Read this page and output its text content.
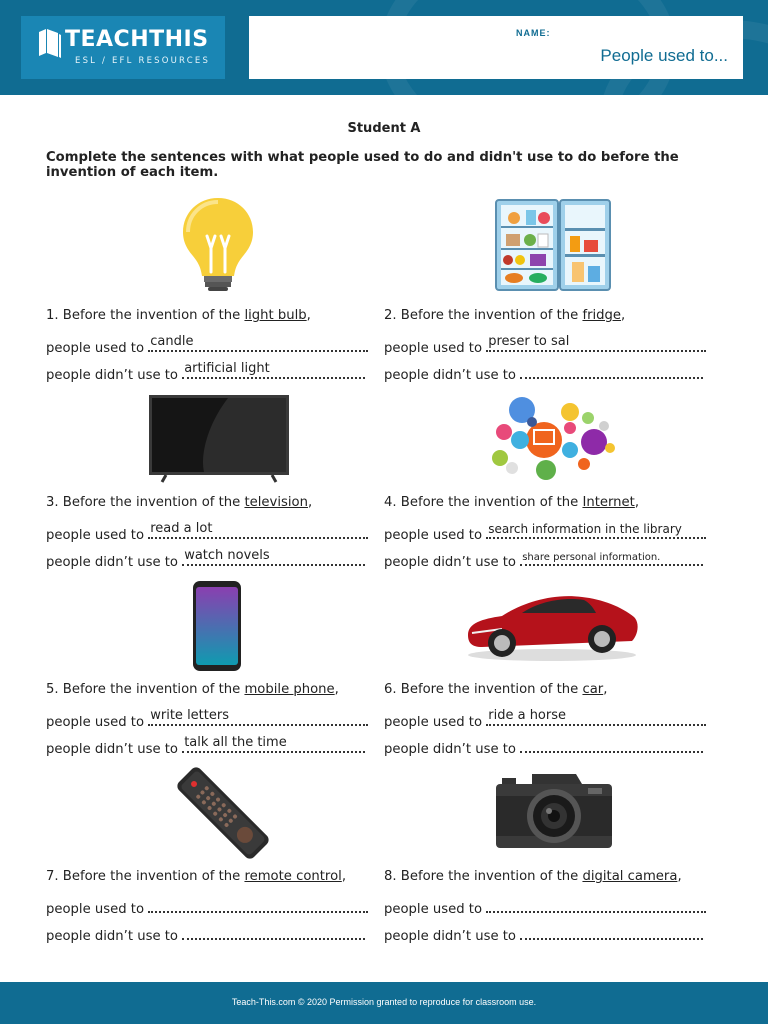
TEACHTHIS
ESL / EFL RESOURCES
NAME:
People used to...
Student A
Complete the sentences with what people used to do and didn't use to do before the invention of each item.
1. Before the invention of the light bulb,
people used to candle
people didn’t use to artificial light
2. Before the invention of the fridge,
people used to preser to sal
people didn’t use to
3. Before the invention of the television,
people used to read a lot
people didn’t use to watch novels
4. Before the invention of the Internet,
people used to search information in the library
people didn’t use to share personal information.
5. Before the invention of the mobile phone,
people used to write letters
people didn’t use to talk all the time
6. Before the invention of the car,
people used to ride a horse
people didn’t use to
7. Before the invention of the remote control,
people used to
people didn’t use to
8. Before the invention of the digital camera,
people used to
people didn’t use to
Teach-This.com © 2020 Permission granted to reproduce for classroom use.
